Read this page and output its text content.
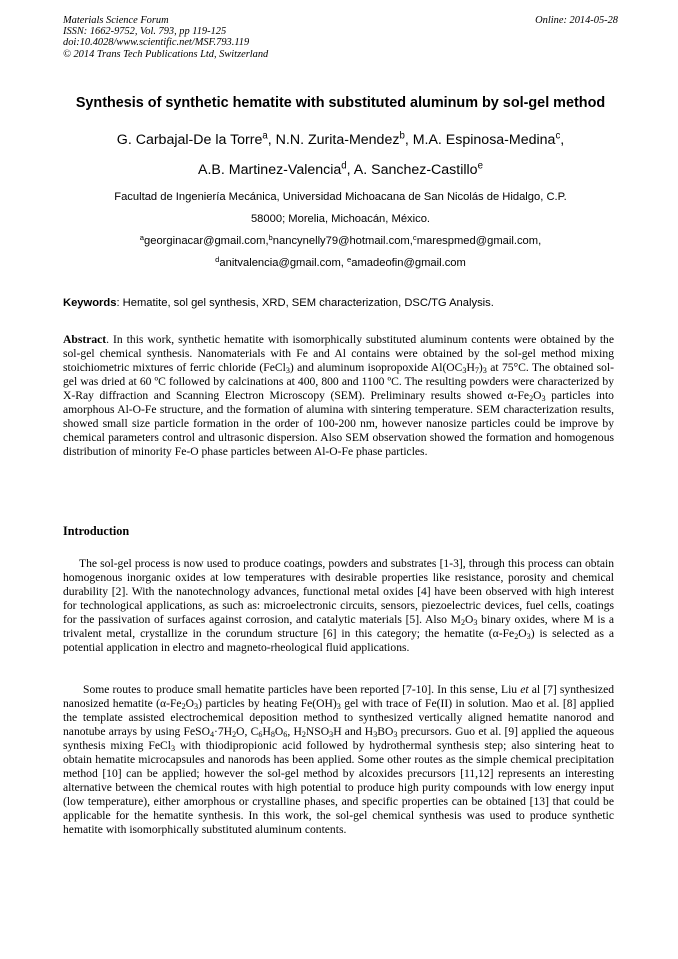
Materials Science Forum
ISSN: 1662-9752, Vol. 793, pp 119-125
doi:10.4028/www.scientific.net/MSF.793.119
© 2014 Trans Tech Publications Ltd, Switzerland
Online: 2014-05-28
Synthesis of synthetic hematite with substituted aluminum by sol-gel method
G. Carbajal-De la Torre$^a$, N.N. Zurita-Mendez$^b$, M.A. Espinosa-Medina$^c$,
A.B. Martinez-Valencia$^d$, A. Sanchez-Castillo$^e$
Facultad de Ingeniería Mecánica, Universidad Michoacana de San Nicolás de Hidalgo, C.P.
58000; Morelia, Michoacán, México.
$^a$georginacar@gmail.com,$^b$nancynelly79@hotmail.com,$^c$marespmed@gmail.com,
$^d$anitvalencia@gmail.com, $^e$amadeofin@gmail.com
Keywords: Hematite, sol gel synthesis, XRD, SEM characterization, DSC/TG Analysis.
Abstract. In this work, synthetic hematite with isomorphically substituted aluminum contents were obtained by the sol-gel chemical synthesis. Nanomaterials with Fe and Al contains were obtained by the sol-gel method mixing stoichiometric mixtures of ferric chloride (FeCl$_3$) and aluminum isopropoxide $Al(OC_3H_7)_3$ at 75°C. The obtained sol-gel was dried at 60 ºC followed by calcinations at 400, 800 and 1100 ºC. The resulting powders were characterized by X-Ray diffraction and Scanning Electron Microscopy (SEM). Preliminary results showed $\alpha-Fe_2O_3$ particles into amorphous Al-O-Fe structure, and the formation of alumina with sintering temperature. SEM characterization results, showed small size particle formation in the order of 100-200 nm, however nanosize particles could be improve by chemical parameters control and ultrasonic dispersion. Also SEM observation showed the formation and homogenous distribution of minority Fe-O phase particles between Al-O-Fe phase particles.
Introduction

The sol-gel process is now used to produce coatings, powders and substrates [1-3], through this process can obtain homogenous inorganic oxides at low temperatures with desirable properties like resistance, porosity and chemical durability [2]. With the nanotechnology advances, functional metal oxides [4] have been observed with high interest for technological applications, as such as: microelectronic circuits, sensors, piezoelectric devices, fuel cells, coatings for the passivation of surfaces against corrosion, and catalytic materials [5]. Also $M_2O_3$ binary oxides, where M is a trivalent metal, crystallize in the corundum structure [6] in this category; the hematite $(\alpha-Fe_2O_3)$ is selected as a potential application in electro and magneto-rheological fluid applications.

Some routes to produce small hematite particles have been reported [7-10]. In this sense, Liu et al [7] synthesized nanosized hematite $(\alpha-Fe_2O_3)$ particles by heating $Fe(OH)_3$ gel with trace of Fe(II) in solution. Mao et al. [8] applied the template assisted electrochemical deposition method to synthesized vertically aligned hematite nanorod and nanotube arrays by using $FeSO_4\cdot 7H_2O$, $C_6H_8O_6$, $H_2NSO_3H$ and $H_3BO_3$ precursors. Guo et al. [9] applied the aqueous synthesis mixing FeCl$_3$ with thiodipropionic acid followed by hydrothermal synthesis step; also sintering heat to obtain hematite microcapsules and nanorods has been applied. Some other routes as the simple chemical precipitation method [10] can be applied; however the sol-gel method by alcoxides precursors [11,12] represents an interesting alternative between the chemical routes with high potential to produce high purity compounds with low energy input (low temperature), either amorphous or crystalline phases, and specific properties can be obtained [13] that could be applicable for the hematite synthesis. In this work, the sol-gel chemical synthesis was used to produce synthetic hematite with isomorphically substituted aluminum contents.
